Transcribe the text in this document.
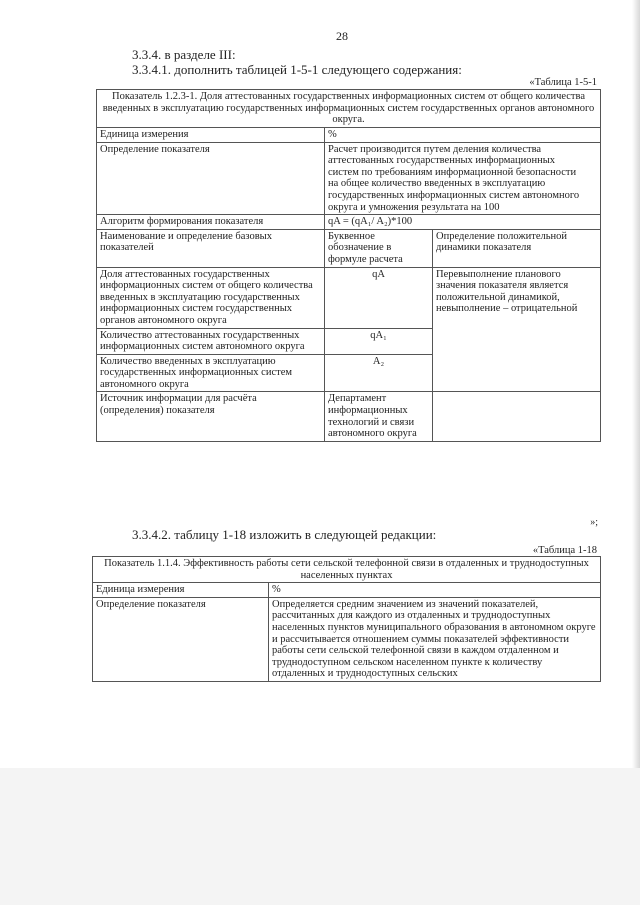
28
3.3.4. в разделе III:
3.3.4.1. дополнить таблицей 1-5-1 следующего содержания:
«Таблица 1-5-1
Показатель 1.2.3-1. Доля аттестованных государственных информационных систем от общего количества введенных в эксплуатацию государственных информационных систем государственных органов автономного округа.		
Единица измерения	%	
Определение показателя	Расчет производится путем деления количества аттестованных государственных информационных систем по требованиям информационной безопасности на общее количество введенных в эксплуатацию государственных информационных систем автономного округа и умножения результата на 100	

Алгоритм формирования показателя	qA = (qA₁/ A₂)*100	
Наименование и определение базовых показателей	Буквенное обозначение в формуле расчета	Определение положительной динамики показателя
Доля аттестованных государственных информационных систем от общего количества введенных в эксплуатацию государственных информационных систем государственных органов автономного округа	qA	Перевыполнение планового значения показателя является положительной динамикой, невыполнение – отрицательной
Количество аттестованных государственных информационных систем автономного округа	qA₁	
Количество введенных в эксплуатацию государственных информационных систем автономного округа	A₂	
Источник информации для расчёта (определения) показателя	Департамент информационных технологий и связи автономного округа	
»;
3.3.4.2. таблицу 1-18 изложить в следующей редакции:
«Таблица 1-18
Показатель 1.1.4. Эффективность работы сети сельской телефонной связи в отдаленных и труднодоступных населенных пунктах	
Единица измерения	%
Определение показателя	Определяется средним значением из значений показателей, рассчитанных для каждого из отдаленных и труднодоступных населенных пунктов муниципального образования в автономном округе и рассчитывается отношением суммы показателей эффективности работы сети сельской телефонной связи в каждом отдаленном и труднодоступном сельском населенном пункте к количеству отдаленных и труднодоступных сельских
